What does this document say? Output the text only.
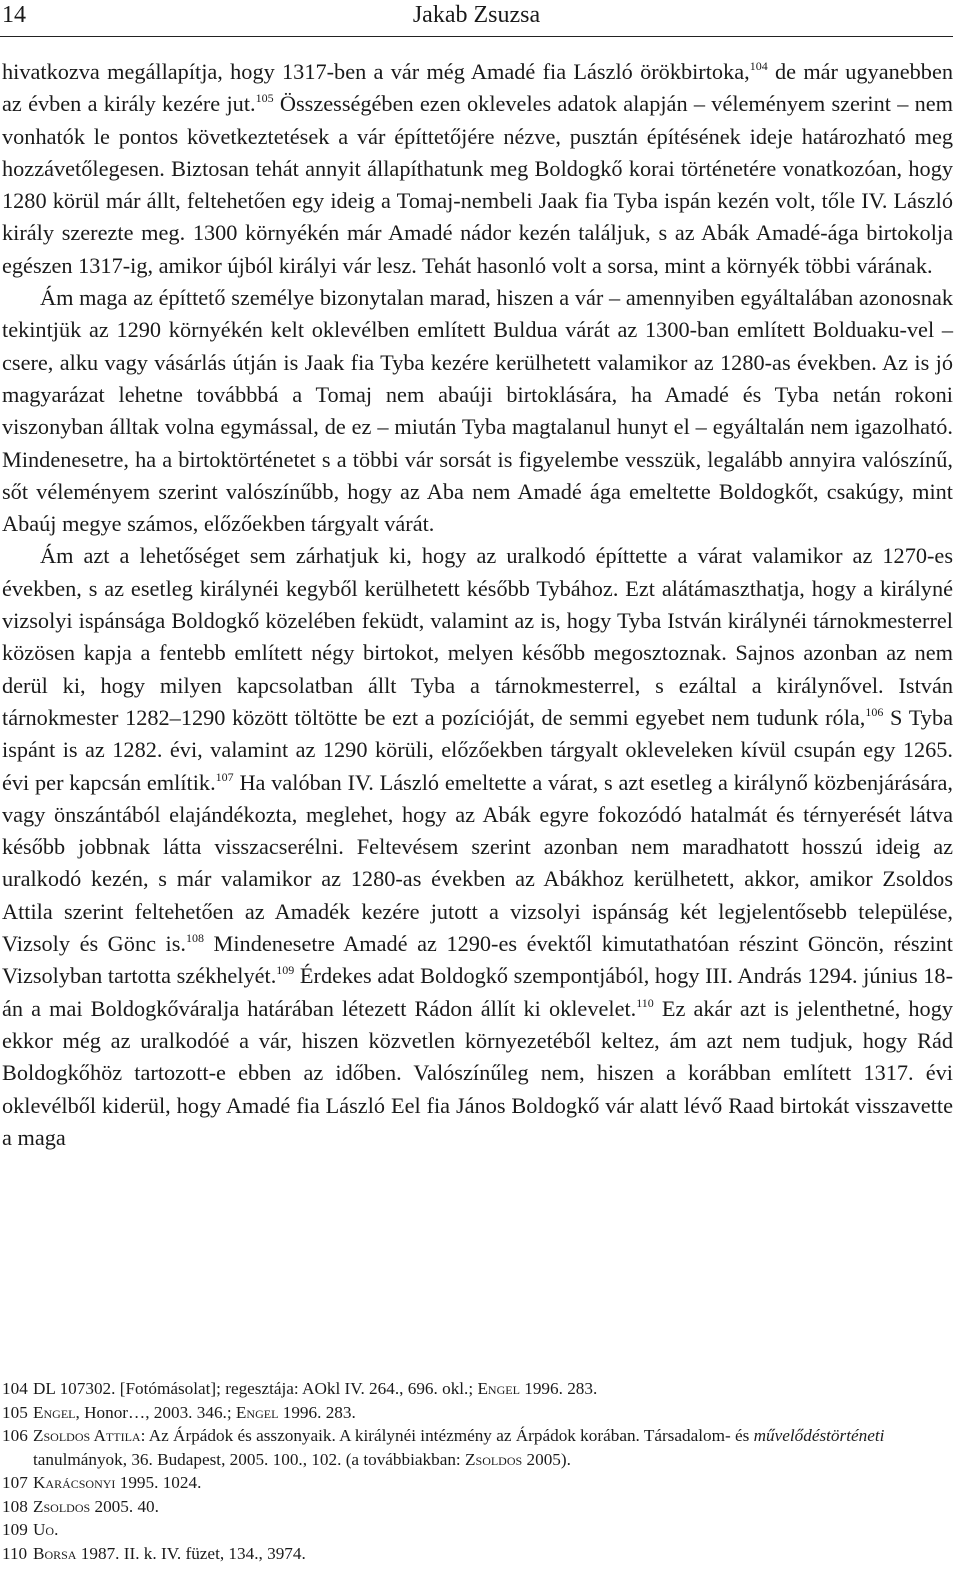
14	Jakab Zsuzsa

hivatkozva megállapítja, hogy 1317-ben a vár még Amadé fia László örökbirtoka,$^{104}$ de már ugyanebben az évben a király kezére jut.$^{105}$ Összességében ezen okleveles adatok alapján – véleményem szerint – nem vonhatók le pontos következtetések a vár építtetőjére nézve, pusztán építésének ideje határozható meg hozzávetőlegesen. Biztosan tehát annyit állapíthatunk meg Boldogkő korai történetére vonatkozóan, hogy 1280 körül már állt, feltehetően egy ideig a Tomaj-nembeli Jaak fia Tyba ispán kezén volt, tőle IV. László király szerezte meg. 1300 környékén már Amadé nádor kezén találjuk, s az Abák Amadé-ága birtokolja egészen 1317-ig, amikor újból királyi vár lesz. Tehát hasonló volt a sorsa, mint a környék többi várának.

Ám maga az építtető személye bizonytalan marad, hiszen a vár – amennyiben egyáltalában azonosnak tekintjük az 1290 környékén kelt oklevélben említett Buldua várát az 1300-ban említett Bolduaku-vel – csere, alku vagy vásárlás útján is Jaak fia Tyba kezére kerülhetett valamikor az 1280-as években. Az is jó magyarázat lehetne továbbbá a Tomaj nem abaúji birtoklására, ha Amadé és Tyba netán rokoni viszonyban álltak volna egymással, de ez – miután Tyba magtalanul hunyt el – egyáltalán nem igazolható. Mindenesetre, ha a birtoktörténetet s a többi vár sorsát is figyelembe vesszük, legalább annyira valószínű, sőt véleményem szerint valószínűbb, hogy az Aba nem Amadé ága emeltette Boldogkőt, csakúgy, mint Abaúj megye számos, előzőekben tárgyalt várát.

Ám azt a lehetőséget sem zárhatjuk ki, hogy az uralkodó építtette a várat valamikor az 1270-es években, s az esetleg királynéi kegyből kerülhetett később Tybához. Ezt alátámaszthatja, hogy a királyné vizsolyi ispánsága Boldogkő közelében feküdt, valamint az is, hogy Tyba István királynéi tárnokmesterrel közösen kapja a fentebb említett négy birtokot, melyen később megosztoznak. Sajnos azonban az nem derül ki, hogy milyen kapcsolatban állt Tyba a tárnokmesterrel, s ezáltal a királynővel. István tárnokmester 1282–1290 között töltötte be ezt a pozícióját, de semmi egyebet nem tudunk róla,$^{106}$ S Tyba ispánt is az 1282. évi, valamint az 1290 körüli, előzőekben tárgyalt okleveleken kívül csupán egy 1265. évi per kapcsán említik.$^{107}$ Ha valóban IV. László emeltette a várat, s azt esetleg a királynő közbenjárására, vagy önszántából elajándékozta, meglehet, hogy az Abák egyre fokozódó hatalmát és térnyerését látva később jobbnak látta visszacserélni. Feltevésem szerint azonban nem maradhatott hosszú ideig az uralkodó kezén, s már valamikor az 1280-as években az Abákhoz kerülhetett, akkor, amikor Zsoldos Attila szerint feltehetően az Amadék kezére jutott a vizsolyi ispánság két legjelentősebb települése, Vizsoly és Gönc is.$^{108}$ Mindenesetre Amadé az 1290-es évektől kimutathatóan részint Göncön, részint Vizsolyban tartotta székhelyét.$^{109}$ Érdekes adat Boldogkő szempontjából, hogy III. András 1294. június 18-án a mai Boldogkőváralja határában létezett Rádon állít ki oklevelet.$^{110}$ Ez akár azt is jelenthetné, hogy ekkor még az uralkodóé a vár, hiszen közvetlen környezetéből keltez, ám azt nem tudjuk, hogy Rád Boldogkőhöz tartozott-e ebben az időben. Valószínűleg nem, hiszen a korábban említett 1317. évi oklevélből kiderül, hogy Amadé fia László Eel fia János Boldogkő vár alatt lévő Raad birtokát visszavette a maga

104 DL 107302. [Fotómásolat]; regesztája: AOkl IV. 264., 696. okl.; Engel 1996. 283.
105 Engel, Honor…, 2003. 346.; Engel 1996. 283.
106 Zsoldos Attila: Az Árpádok és asszonyaik. A királynéi intézmény az Árpádok korában. Társadalom- és művelődéstörténeti tanulmányok, 36. Budapest, 2005. 100., 102. (a továbbiakban: Zsoldos 2005).
107 Karácsonyi 1995. 1024.
108 Zsoldos 2005. 40.
109 Uo.
110 Borsa 1987. II. k. IV. füzet, 134., 3974.
